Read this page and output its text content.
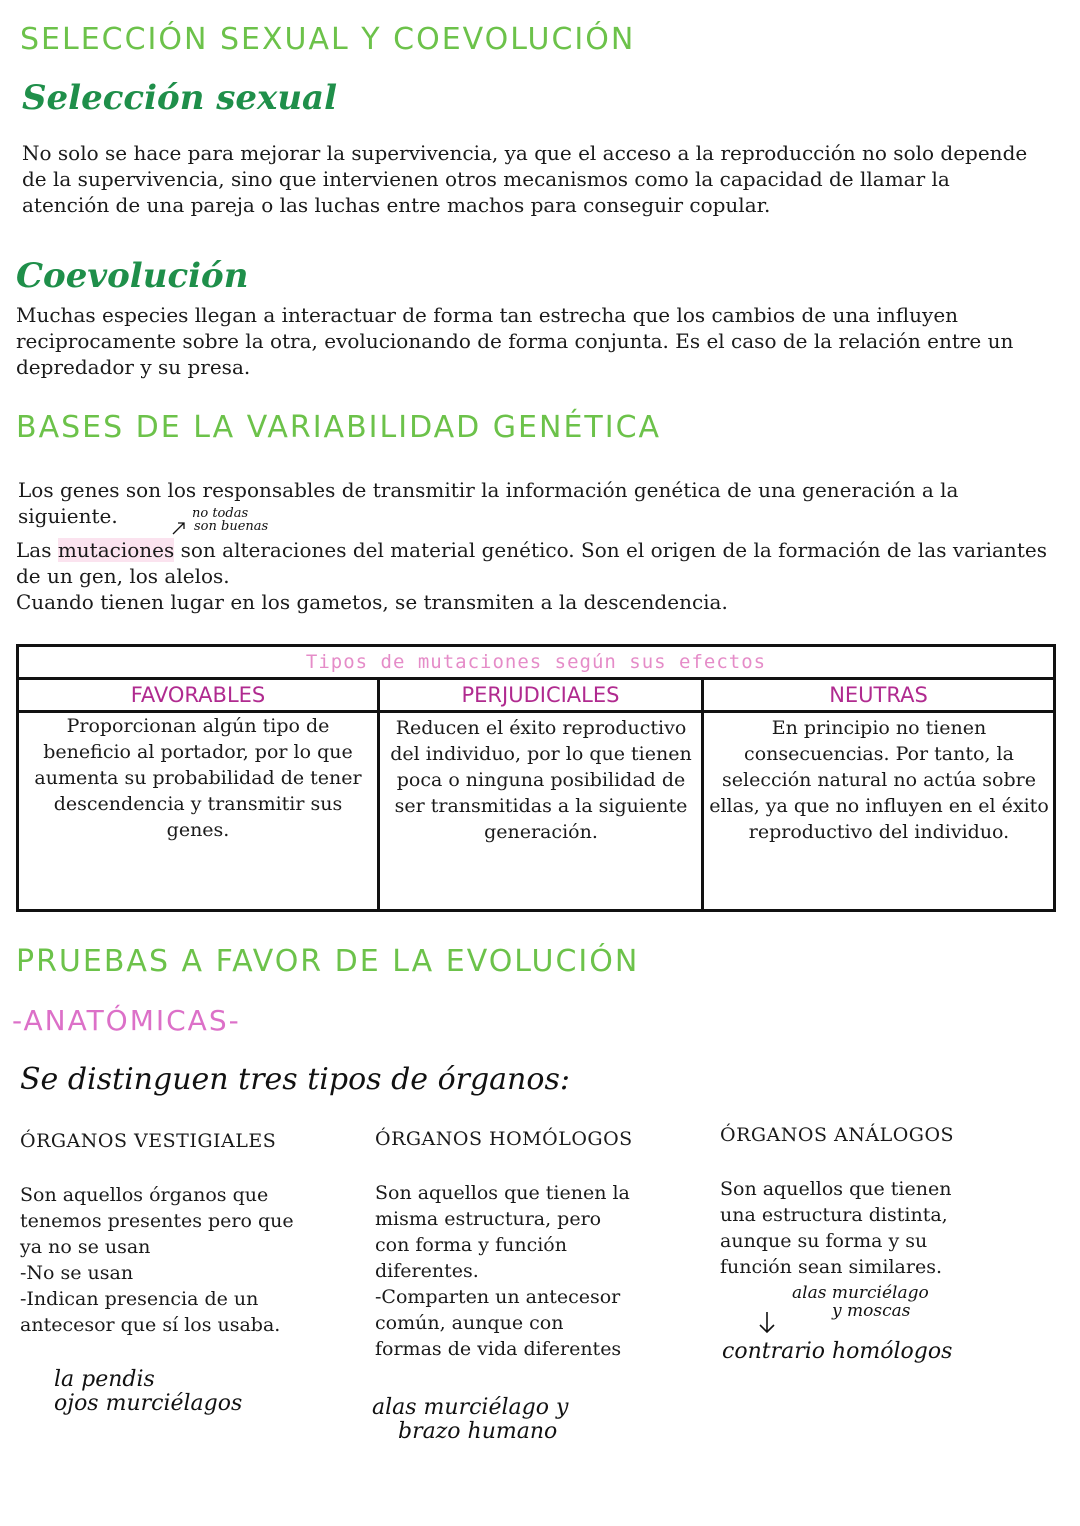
SELECCIÓN SEXUAL Y COEVOLUCIÓN
Selección sexual
No solo se hace para mejorar la supervivencia, ya que el acceso a la reproducción no solo depende de la supervivencia, sino que intervienen otros mecanismos como la capacidad de llamar la atención de una pareja o las luchas entre machos para conseguir copular.
Coevolución
Muchas especies llegan a interactuar de forma tan estrecha que los cambios de una influyen reciprocamente sobre la otra, evolucionando de forma conjunta. Es el caso de la relación entre un depredador y su presa.
BASES DE LA VARIABILIDAD GENÉTICA
Los genes son los responsables de transmitir la información genética de una generación a la siguiente.	no todas
son buenas
Las mutaciones son alteraciones del material genético. Son el origen de la formación de las variantes de un gen, los alelos.
Cuando tienen lugar en los gametos, se transmiten a la descendencia.
Tipos de mutaciones según sus efectos
FAVORABLES	PERJUDICIALES	NEUTRAS
Proporcionan algún tipo de beneficio al portador, por lo que aumenta su probabilidad de tener descendencia y transmitir sus genes.
Reducen el éxito reproductivo del individuo, por lo que tienen poca o ninguna posibilidad de ser transmitidas a la siguiente generación.
En principio no tienen consecuencias. Por tanto, la selección natural no actúa sobre ellas, ya que no influyen en el éxito reproductivo del individuo.
PRUEBAS A FAVOR DE LA EVOLUCIÓN
-ANATÓMICAS-
Se distinguen tres tipos de órganos:
ÓRGANOS VESTIGIALES
Son aquellos órganos que
tenemos presentes pero que
ya no se usan
-No se usan
-Indican presencia de un
antecesor que sí los usaba.
la pendis
ojos murciélagos
ÓRGANOS HOMÓLOGOS
Son aquellos que tienen la
misma estructura, pero
con forma y función
diferentes.
-Comparten un antecesor
común, aunque con
formas de vida diferentes
alas murciélago y
brazo humano
ÓRGANOS ANÁLOGOS
Son aquellos que tienen
una estructura distinta,
aunque su forma y su
función sean similares.
alas murciélago
y moscas
contrario homólogos
